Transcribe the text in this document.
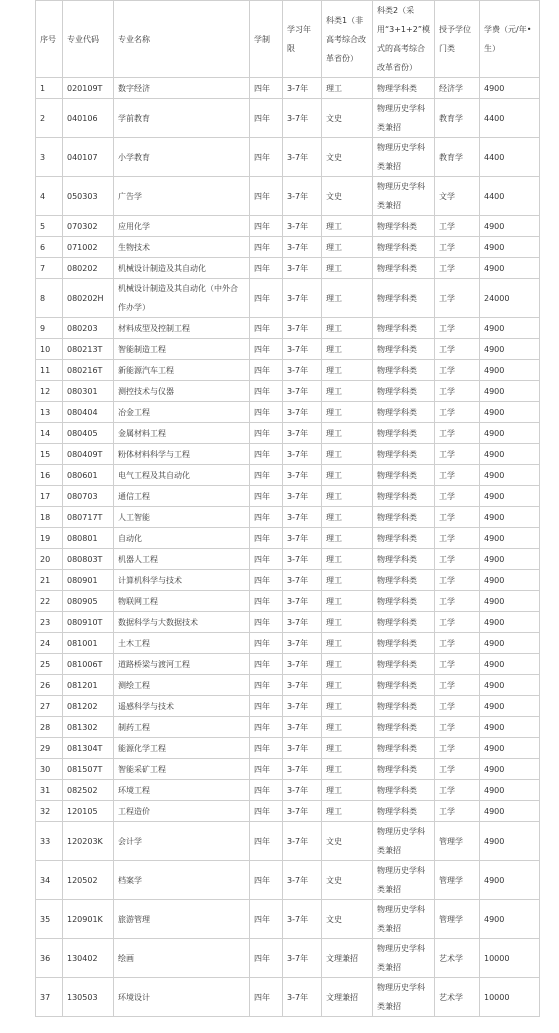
序号	专业代码	专业名称	学制	学习年限	科类1（非高考综合改革省份）	科类2（采用“3+1+2”模式的高考综合改革省份）	授予学位门类	学费（元/年•生）
1	020109T	数字经济	四年	3-7年	理工	物理学科类	经济学	4900
2	040106	学前教育	四年	3-7年	文史	物理历史学科类兼招	教育学	4400
3	040107	小学教育	四年	3-7年	文史	物理历史学科类兼招	教育学	4400
4	050303	广告学	四年	3-7年	文史	物理历史学科类兼招	文学	4400
5	070302	应用化学	四年	3-7年	理工	物理学科类	工学	4900
6	071002	生物技术	四年	3-7年	理工	物理学科类	工学	4900
7	080202	机械设计制造及其自动化	四年	3-7年	理工	物理学科类	工学	4900
8	080202H	机械设计制造及其自动化（中外合作办学）	四年	3-7年	理工	物理学科类	工学	24000
9	080203	材料成型及控制工程	四年	3-7年	理工	物理学科类	工学	4900
10	080213T	智能制造工程	四年	3-7年	理工	物理学科类	工学	4900
11	080216T	新能源汽车工程	四年	3-7年	理工	物理学科类	工学	4900
12	080301	测控技术与仪器	四年	3-7年	理工	物理学科类	工学	4900
13	080404	冶金工程	四年	3-7年	理工	物理学科类	工学	4900
14	080405	金属材料工程	四年	3-7年	理工	物理学科类	工学	4900
15	080409T	粉体材料科学与工程	四年	3-7年	理工	物理学科类	工学	4900
16	080601	电气工程及其自动化	四年	3-7年	理工	物理学科类	工学	4900
17	080703	通信工程	四年	3-7年	理工	物理学科类	工学	4900
18	080717T	人工智能	四年	3-7年	理工	物理学科类	工学	4900
19	080801	自动化	四年	3-7年	理工	物理学科类	工学	4900
20	080803T	机器人工程	四年	3-7年	理工	物理学科类	工学	4900
21	080901	计算机科学与技术	四年	3-7年	理工	物理学科类	工学	4900
22	080905	物联网工程	四年	3-7年	理工	物理学科类	工学	4900
23	080910T	数据科学与大数据技术	四年	3-7年	理工	物理学科类	工学	4900
24	081001	土木工程	四年	3-7年	理工	物理学科类	工学	4900
25	081006T	道路桥梁与渡河工程	四年	3-7年	理工	物理学科类	工学	4900
26	081201	测绘工程	四年	3-7年	理工	物理学科类	工学	4900
27	081202	遥感科学与技术	四年	3-7年	理工	物理学科类	工学	4900
28	081302	制药工程	四年	3-7年	理工	物理学科类	工学	4900
29	081304T	能源化学工程	四年	3-7年	理工	物理学科类	工学	4900
30	081507T	智能采矿工程	四年	3-7年	理工	物理学科类	工学	4900
31	082502	环境工程	四年	3-7年	理工	物理学科类	工学	4900
32	120105	工程造价	四年	3-7年	理工	物理学科类	工学	4900
33	120203K	会计学	四年	3-7年	文史	物理历史学科类兼招	管理学	4900
34	120502	档案学	四年	3-7年	文史	物理历史学科类兼招	管理学	4900
35	120901K	旅游管理	四年	3-7年	文史	物理历史学科类兼招	管理学	4900
36	130402	绘画	四年	3-7年	文理兼招	物理历史学科类兼招	艺术学	10000
37	130503	环境设计	四年	3-7年	文理兼招	物理历史学科类兼招	艺术学	10000
